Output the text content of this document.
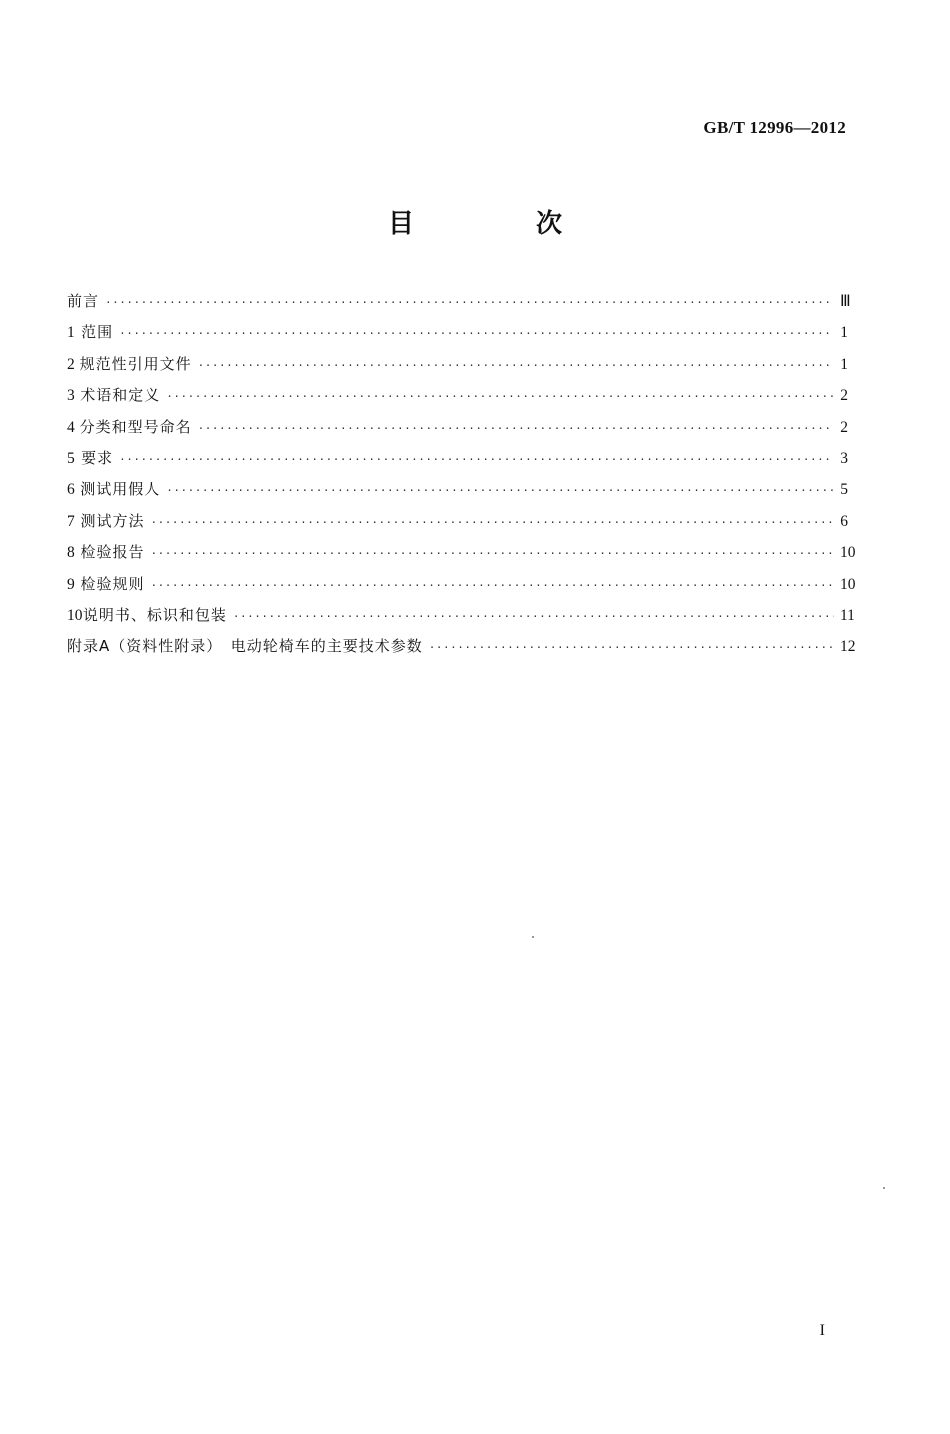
GB/T 12996—2012
目　次
前言 ·····	Ⅲ
1 范围 ·····	1
2 规范性引用文件 ·····	1
3 术语和定义 ·····	2
4 分类和型号命名 ·····	2
5 要求 ·····	3
6 测试用假人 ·····	5
7 测试方法 ·····	6
8 检验报告 ·····	10
9 检验规则 ·····	10
10 说明书、标识和包装 ·····	11
附录A（资料性附录）　电动轮椅车的主要技术参数 ·····	12
I
